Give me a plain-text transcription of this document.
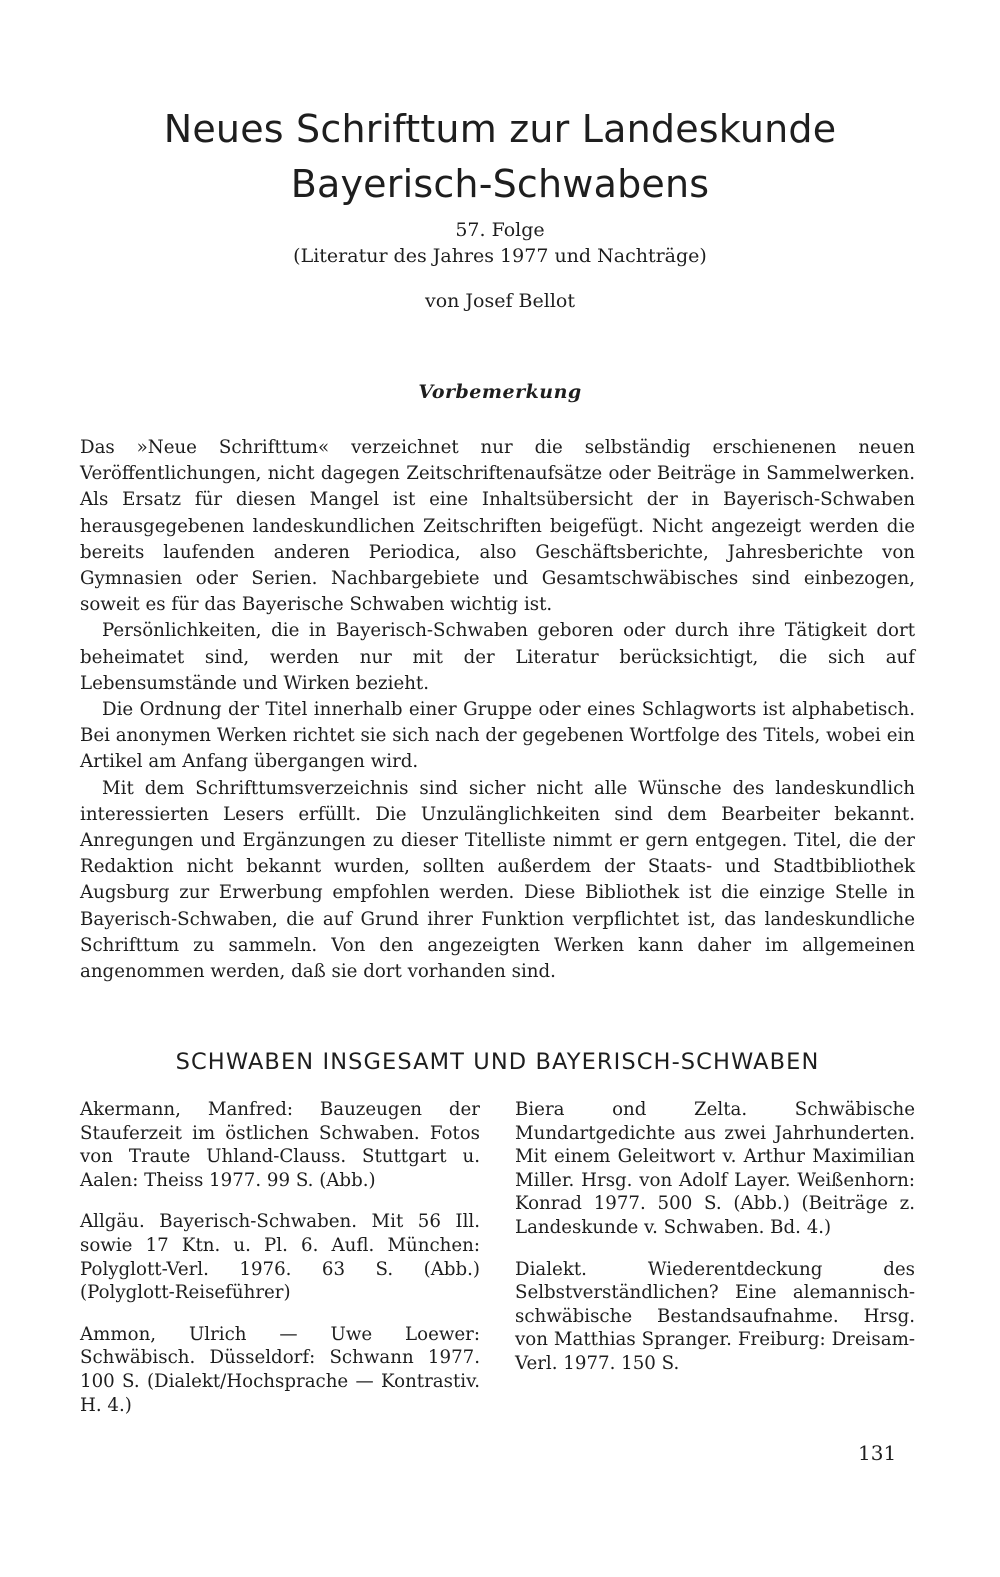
Neues Schrifttum zur Landeskunde
Bayerisch-Schwabens

57. Folge

(Literatur des Jahres 1977 und Nachträge)

von Josef Bellot

Vorbemerkung

Das »Neue Schrifttum« verzeichnet nur die selbständig erschienenen neuen Veröffentlichungen, nicht dagegen Zeitschriftenaufsätze oder Beiträge in Sammelwerken. Als Ersatz für diesen Mangel ist eine Inhaltsübersicht der in Bayerisch-Schwaben herausgegebenen landeskundlichen Zeitschriften beigefügt. Nicht angezeigt werden die bereits laufenden anderen Periodica, also Geschäftsberichte, Jahresberichte von Gymnasien oder Serien. Nachbargebiete und Gesamtschwäbisches sind einbezogen, soweit es für das Bayerische Schwaben wichtig ist.

Persönlichkeiten, die in Bayerisch-Schwaben geboren oder durch ihre Tätigkeit dort beheimatet sind, werden nur mit der Literatur berücksichtigt, die sich auf Lebensumstände und Wirken bezieht.

Die Ordnung der Titel innerhalb einer Gruppe oder eines Schlagworts ist alphabetisch. Bei anonymen Werken richtet sie sich nach der gegebenen Wortfolge des Titels, wobei ein Artikel am Anfang übergangen wird.

Mit dem Schrifttumsverzeichnis sind sicher nicht alle Wünsche des landeskundlich interessierten Lesers erfüllt. Die Unzulänglichkeiten sind dem Bearbeiter bekannt. Anregungen und Ergänzungen zu dieser Titelliste nimmt er gern entgegen. Titel, die der Redaktion nicht bekannt wurden, sollten außerdem der Staats- und Stadtbibliothek Augsburg zur Erwerbung empfohlen werden. Diese Bibliothek ist die einzige Stelle in Bayerisch-Schwaben, die auf Grund ihrer Funktion verpflichtet ist, das landeskundliche Schrifttum zu sammeln. Von den angezeigten Werken kann daher im allgemeinen angenommen werden, daß sie dort vorhanden sind.

SCHWABEN INSGESAMT UND BAYERISCH-SCHWABEN

Akermann, Manfred: Bauzeugen der Stauferzeit im östlichen Schwaben. Fotos von Traute Uhland-Clauss. Stuttgart u. Aalen: Theiss 1977. 99 S. (Abb.)

Allgäu. Bayerisch-Schwaben. Mit 56 Ill. sowie 17 Ktn. u. Pl. 6. Aufl. München: Polyglott-Verl. 1976. 63 S. (Abb.) (Polyglott-Reiseführer)

Ammon, Ulrich — Uwe Loewer: Schwäbisch. Düsseldorf: Schwann 1977. 100 S. (Dialekt/Hochsprache — Kontrastiv. H. 4.)

Biera ond Zelta. Schwäbische Mundartgedichte aus zwei Jahrhunderten. Mit einem Geleitwort v. Arthur Maximilian Miller. Hrsg. von Adolf Layer. Weißenhorn: Konrad 1977. 500 S. (Abb.) (Beiträge z. Landeskunde v. Schwaben. Bd. 4.)

Dialekt. Wiederentdeckung des Selbstverständlichen? Eine alemannisch-schwäbische Bestandsaufnahme. Hrsg. von Matthias Spranger. Freiburg: Dreisam-Verl. 1977. 150 S.

131
